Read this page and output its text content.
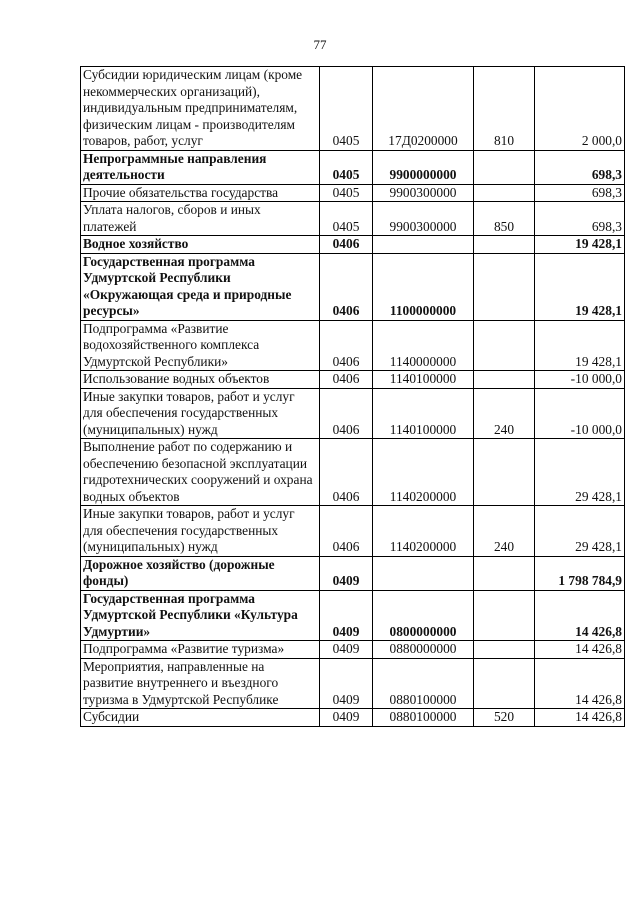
77
Субсидии юридическим лицам (кроме некоммерческих организаций), индивидуальным предпринимателям, физическим лицам - производителям товаров, работ, услуг	0405	17Д0200000	810	2 000,0
Непрограммные направления деятельности	0405	9900000000		698,3
Прочие обязательства государства	0405	9900300000		698,3
Уплата налогов, сборов и иных платежей	0405	9900300000	850	698,3
Водное хозяйство	0406			19 428,1
Государственная программа Удмуртской Республики «Окружающая среда и природные ресурсы»	0406	1100000000		19 428,1
Подпрограмма «Развитие водохозяйственного комплекса Удмуртской Республики»	0406	1140000000		19 428,1
Использование водных объектов	0406	1140100000		-10 000,0
Иные закупки товаров, работ и услуг для обеспечения государственных (муниципальных) нужд	0406	1140100000	240	-10 000,0
Выполнение работ по содержанию и обеспечению безопасной эксплуатации гидротехнических сооружений и охрана водных объектов	0406	1140200000		29 428,1
Иные закупки товаров, работ и услуг для обеспечения государственных (муниципальных) нужд	0406	1140200000	240	29 428,1
Дорожное хозяйство (дорожные фонды)	0409			1 798 784,9
Государственная программа Удмуртской Республики «Культура Удмуртии»	0409	0800000000		14 426,8
Подпрограмма «Развитие туризма»	0409	0880000000		14 426,8
Мероприятия, направленные на развитие внутреннего и въездного туризма в Удмуртской Республике	0409	0880100000		14 426,8
Субсидии	0409	0880100000	520	14 426,8
